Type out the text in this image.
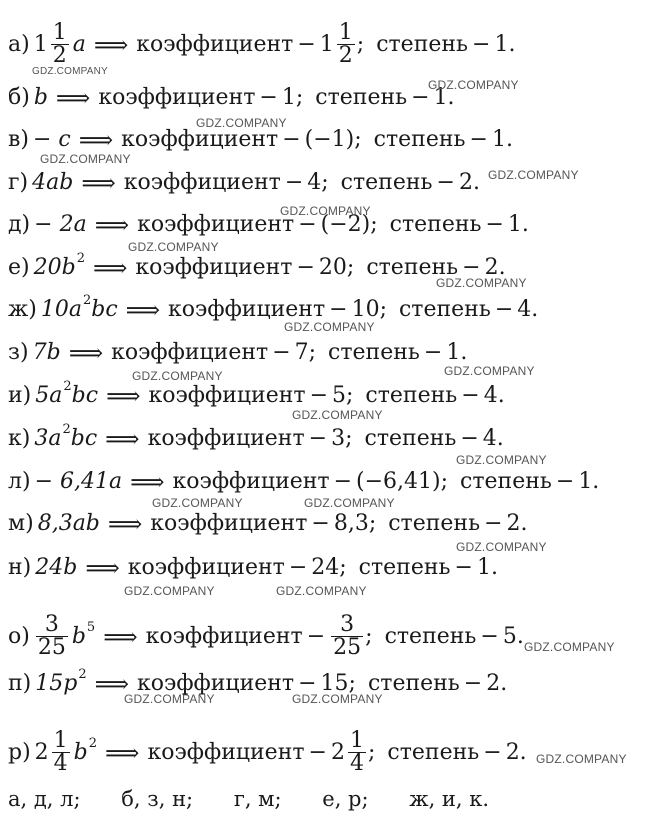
а) $1 \frac{1}{2}$ a ⟹ коэффициент − $1 \frac{1}{2}$ ; степень − 1.
б) b ⟹ коэффициент − 1; степень − 1.
в) − c ⟹ коэффициент − (−1); степень − 1.
г) 4ab ⟹ коэффициент − 4; степень − 2.
д) − 2a ⟹ коэффициент − (−2); степень − 1.
е) $20b^2$ ⟹ коэффициент − 20; степень − 2.
ж) $10a^2$ bc ⟹ коэффициент − 10; степень − 4.
з) 7b ⟹ коэффициент − 7; степень − 1.
и) $5a^2$ bc ⟹ коэффициент − 5; степень − 4.
к) $3a^2$ bc ⟹ коэффициент − 3; степень − 4.
л) − 6,41a ⟹ коэффициент − (−6,41); степень − 1.
м) 8,3ab ⟹ коэффициент − 8,3; степень − 2.
н) 24b ⟹ коэффициент − 24; степень − 1.
$о) \frac{3}{25} b^5$ ⟹ коэффициент − $\frac{3}{25}$ ; степень − 5.
п) $15p^2$ ⟹ коэффициент − 15; степень − 2.
р) $2 \frac{1}{4} b^2$ ⟹ коэффициент − $2 \frac{1}{4}$ ; степень − 2.
а, д, л; б, з, н; г, м; е, р; ж, и, к.
GDZ.COMPANY
GDZ.COMPANY
GDZ.COMPANY
GDZ.COMPANY
GDZ.COMPANY
GDZ.COMPANY
GDZ.COMPANY
GDZ.COMPANY
GDZ.COMPANY
GDZ.COMPANY
GDZ.COMPANY
GDZ.COMPANY
GDZ.COMPANY
GDZ.COMPANY	GDZ.COMPANY
GDZ.COMPANY
GDZ.COMPANY	GDZ.COMPANY
GDZ.COMPANY
GDZ.COMPANY	GDZ.COMPANY
GDZ.COMPANY
